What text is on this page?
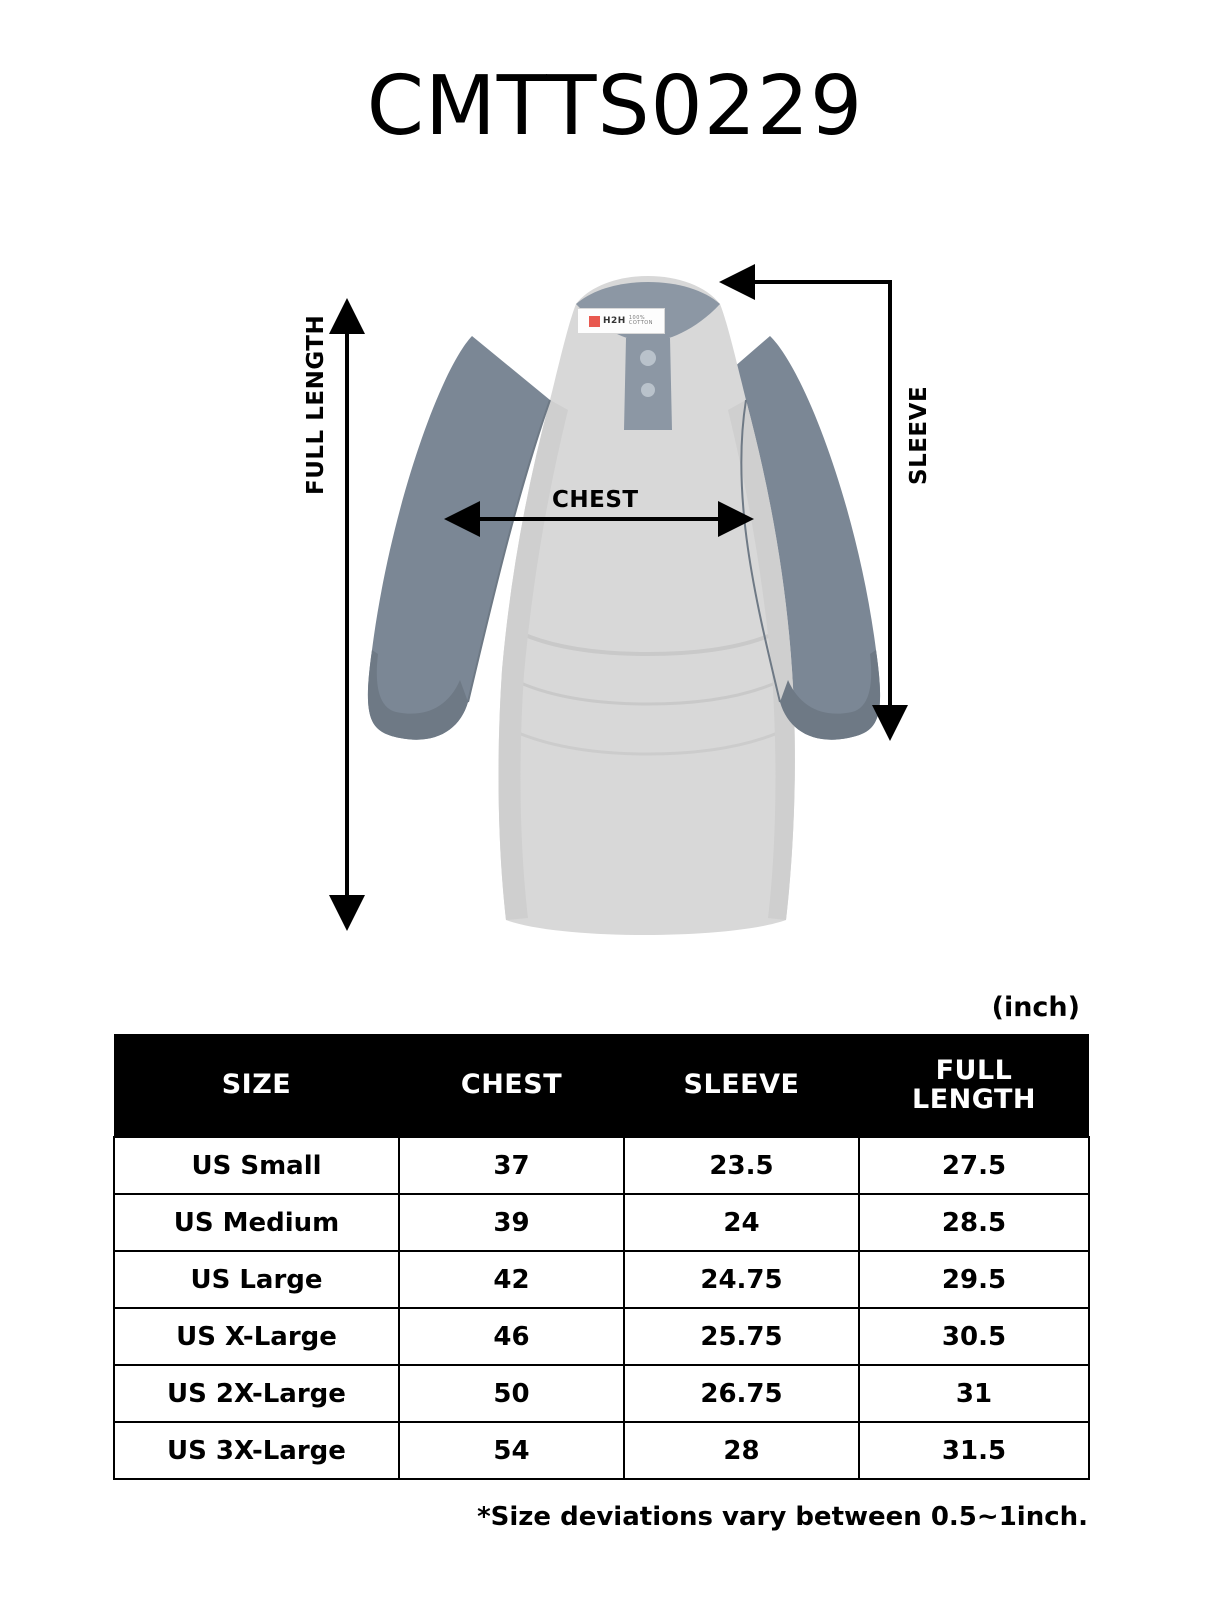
CMTTS0229
H2H 100%
COTTON
FULL LENGTH
CHEST
SLEEVE
(inch)
SIZE	CHEST	SLEEVE	FULL
LENGTH
US Small	37	23.5	27.5
US Medium	39	24	28.5
US Large	42	24.75	29.5
US X-Large	46	25.75	30.5
US 2X-Large	50	26.75	31
US 3X-Large	54	28	31.5
*Size deviations vary between 0.5~1inch.
